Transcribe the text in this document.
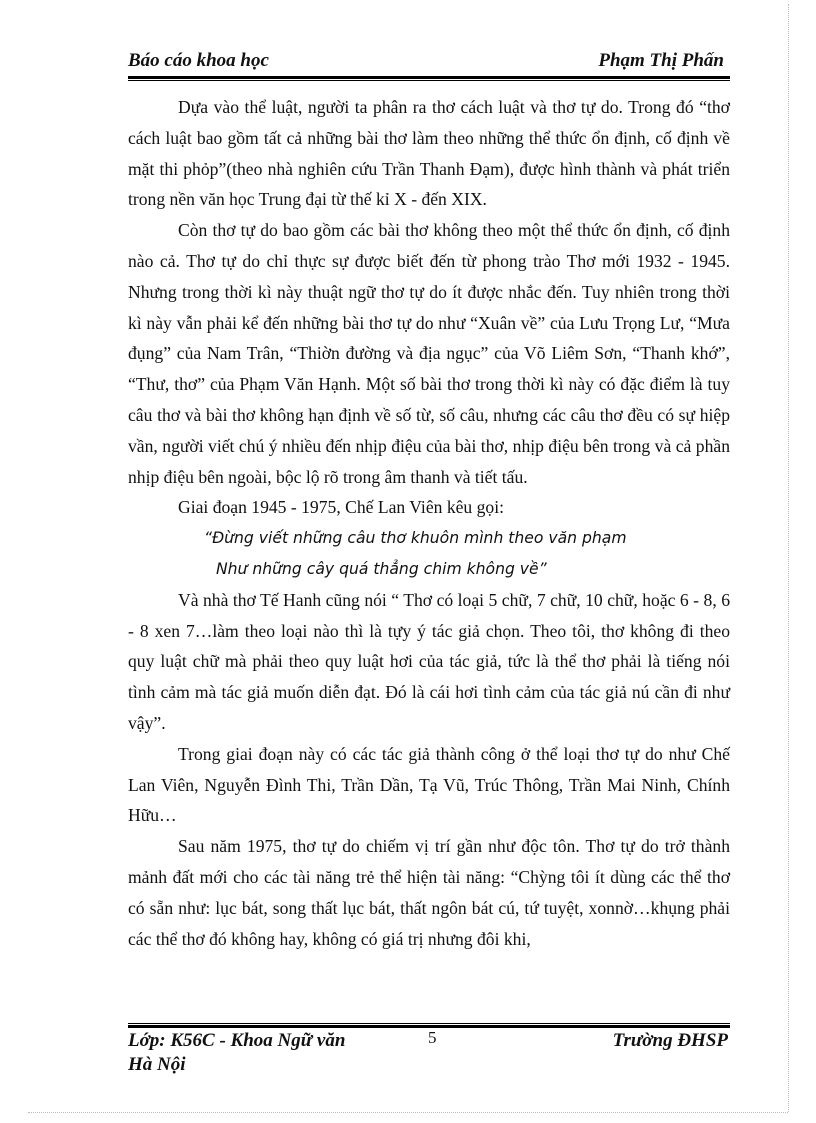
Báo cáo khoa học	Phạm Thị Phấn

Dựa vào thể luật, người ta phân ra thơ cách luật và thơ tự do. Trong đó “thơ cách luật bao gồm tất cả những bài thơ làm theo những thể thức ổn định, cố định về mặt thi phỏp”(theo nhà nghiên cứu Trần Thanh Đạm), được hình thành và phát triển trong nền văn học Trung đại từ thế kỉ X - đến XIX.

Còn thơ tự do bao gồm các bài thơ không theo một thể thức ổn định, cố định nào cả. Thơ tự do chỉ thực sự được biết đến từ phong trào Thơ mới 1932 - 1945. Nhưng trong thời kì này thuật ngữ thơ tự do ít được nhắc đến. Tuy nhiên trong thời kì này vẫn phải kể đến những bài thơ tự do như “Xuân về” của Lưu Trọng Lư, “Mưa đụng” của Nam Trân, “Thiờn đường và địa ngục” của Võ Liêm Sơn, “Thanh khớ”, “Thư, thơ” của Phạm Văn Hạnh. Một số bài thơ trong thời kì này có đặc điểm là tuy câu thơ và bài thơ không hạn định về số từ, số câu, nhưng các câu thơ đều có sự hiệp vần, người viết chú ý nhiều đến nhịp điệu của bài thơ, nhịp điệu bên trong và cả phần nhịp điệu bên ngoài, bộc lộ rõ trong âm thanh và tiết tấu.

Giai đoạn 1945 - 1975, Chế Lan Viên kêu gọi:

“Đừng viết những câu thơ khuôn mình theo văn phạm
Như những cây quá thẳng chim không về”

Và nhà thơ Tế Hanh cũng nói “ Thơ có loại 5 chữ, 7 chữ, 10 chữ, hoặc 6 - 8, 6 - 8 xen 7…làm theo loại nào thì là tựy ý tác giả chọn. Theo tôi, thơ không đi theo quy luật chữ mà phải theo quy luật hơi của tác giả, tức là thể thơ phải là tiếng nói tình cảm mà tác giả muốn diễn đạt. Đó là cái hơi tình cảm của tác giả nú cần đi như vậy”.

Trong giai đoạn này có các tác giả thành công ở thể loại thơ tự do như Chế Lan Viên, Nguyễn Đình Thi, Trần Dần, Tạ Vũ, Trúc Thông, Trần Mai Ninh, Chính Hữu…

Sau năm 1975, thơ tự do chiếm vị trí gần như độc tôn. Thơ tự do trở thành mảnh đất mới cho các tài năng trẻ thể hiện tài năng: “Chỳng tôi ít dùng các thể thơ có sẵn như: lục bát, song thất lục bát, thất ngôn bát cú, tứ tuyệt, xonnờ…khụng phải các thể thơ đó không hay, không có giá trị nhưng đôi khi,

Lớp: K56C - Khoa Ngữ văn
Hà Nội
5	Trường ĐHSP
